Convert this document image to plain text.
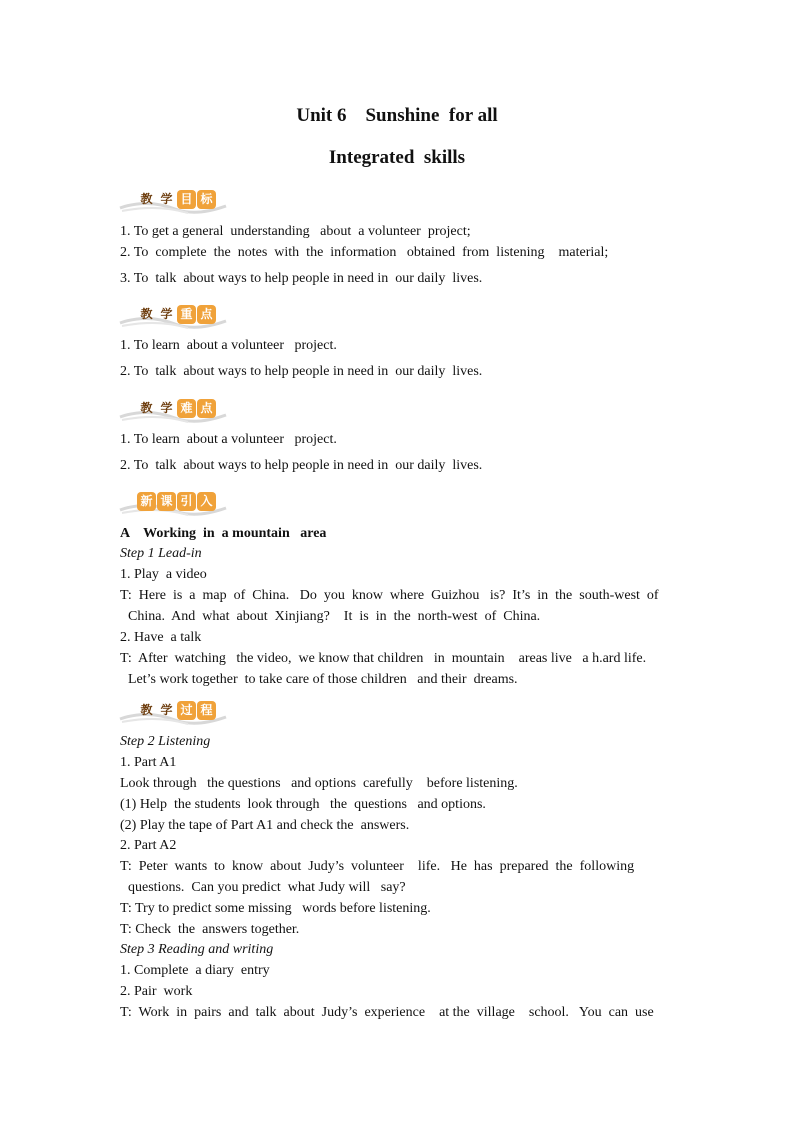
Unit 6    Sunshine  for all
Integrated  skills
教 学 目 标
1. To get a general  understanding   about  a volunteer  project;
2. To  complete  the  notes  with  the  information   obtained  from  listening    material;
3. To  talk  about ways to help people in need in  our daily  lives.
教 学 重 点
1. To learn  about a volunteer   project.
2. To  talk  about ways to help people in need in  our daily  lives.
教 学 难 点
1. To learn  about a volunteer   project.
2. To  talk  about ways to help people in need in  our daily  lives.
新 课 引 入
A    Working  in  a mountain   area
Step 1 Lead-in
1. Play  a video
T:  Here  is  a  map  of  China.   Do  you  know  where  Guizhou   is?  It’s  in  the  south-west  of
China.  And  what  about  Xinjiang?    It  is  in  the  north-west  of  China.
2. Have  a talk
T:  After  watching   the video,  we know that children   in  mountain    areas live   a h.ard life.
Let’s work together  to take care of those children   and their  dreams.
教 学 过 程
Step 2 Listening
1. Part A1
Look through   the questions   and options  carefully    before listening.
(1) Help  the students  look through   the  questions   and options.
(2) Play the tape of Part A1 and check the  answers.
2. Part A2
T:  Peter  wants  to  know  about  Judy’s  volunteer    life.   He  has  prepared  the  following
questions.  Can you predict  what Judy will   say?
T: Try to predict some missing   words before listening.
T: Check  the  answers together.
Step 3 Reading and writing
1. Complete  a diary  entry
2. Pair  work
T:  Work  in  pairs  and  talk  about  Judy’s  experience    at the  village    school.   You  can  use
